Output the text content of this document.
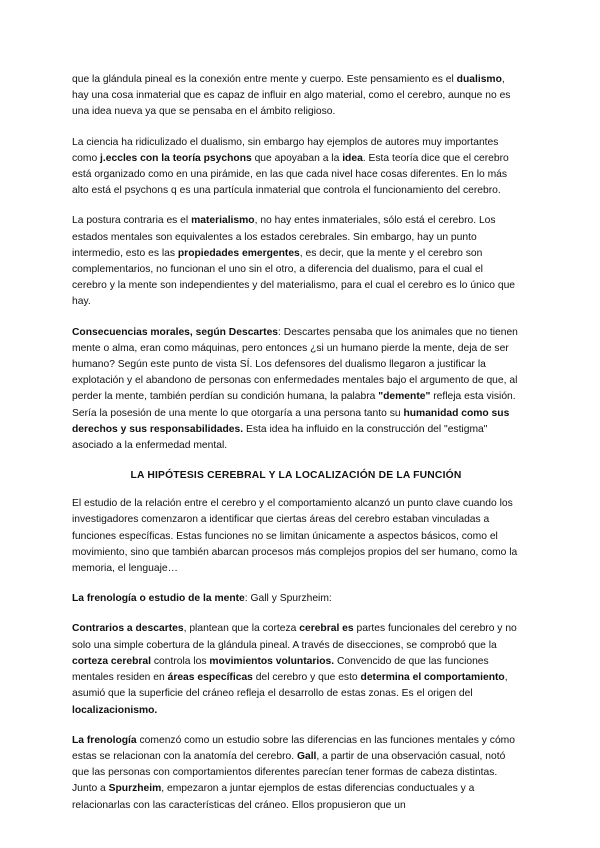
que la glándula pineal es la conexión entre mente y cuerpo. Este pensamiento es el dualismo, hay una cosa inmaterial que es capaz de influir en algo material, como el cerebro, aunque no es una idea nueva ya que se pensaba en el ámbito religioso.

La ciencia ha ridiculizado el dualismo, sin embargo hay ejemplos de autores muy importantes como j.eccles con la teoría psychons que apoyaban a la idea. Esta teoría dice que el cerebro está organizado como en una pirámide, en las que cada nivel hace cosas diferentes. En lo más alto está el psychons q es una partícula inmaterial que controla el funcionamiento del cerebro.

La postura contraria es el materialismo, no hay entes inmateriales, sólo está el cerebro. Los estados mentales son equivalentes a los estados cerebrales. Sin embargo, hay un punto intermedio, esto es las propiedades emergentes, es decir, que la mente y el cerebro son complementarios, no funcionan el uno sin el otro, a diferencia del dualismo, para el cual el cerebro y la mente son independientes y del materialismo, para el cual el cerebro es lo único que hay.

Consecuencias morales, según Descartes: Descartes pensaba que los animales que no tienen mente o alma, eran como máquinas, pero entonces ¿si un humano pierde la mente, deja de ser humano? Según este punto de vista SÍ. Los defensores del dualismo llegaron a justificar la explotación y el abandono de personas con enfermedades mentales bajo el argumento de que, al perder la mente, también perdían su condición humana, la palabra "demente" refleja esta visión. Sería la posesión de una mente lo que otorgaría a una persona tanto su humanidad como sus derechos y sus responsabilidades. Esta idea ha influido en la construcción del "estigma" asociado a la enfermedad mental.

LA HIPÓTESIS CEREBRAL Y LA LOCALIZACIÓN DE LA FUNCIÓN

El estudio de la relación entre el cerebro y el comportamiento alcanzó un punto clave cuando los investigadores comenzaron a identificar que ciertas áreas del cerebro estaban vinculadas a funciones específicas. Estas funciones no se limitan únicamente a aspectos básicos, como el movimiento, sino que también abarcan procesos más complejos propios del ser humano, como la memoria, el lenguaje…

La frenología o estudio de la mente: Gall y Spurzheim:

Contrarios a descartes, plantean que la corteza cerebral es partes funcionales del cerebro y no solo una simple cobertura de la glándula pineal. A través de disecciones, se comprobó que la corteza cerebral controla los movimientos voluntarios. Convencido de que las funciones mentales residen en áreas específicas del cerebro y que esto determina el comportamiento, asumió que la superficie del cráneo refleja el desarrollo de estas zonas. Es el origen del localizacionismo.

La frenología comenzó como un estudio sobre las diferencias en las funciones mentales y cómo estas se relacionan con la anatomía del cerebro. Gall, a partir de una observación casual, notó que las personas con comportamientos diferentes parecían tener formas de cabeza distintas. Junto a Spurzheim, empezaron a juntar ejemplos de estas diferencias conductuales y a relacionarlas con las características del cráneo. Ellos propusieron que un
